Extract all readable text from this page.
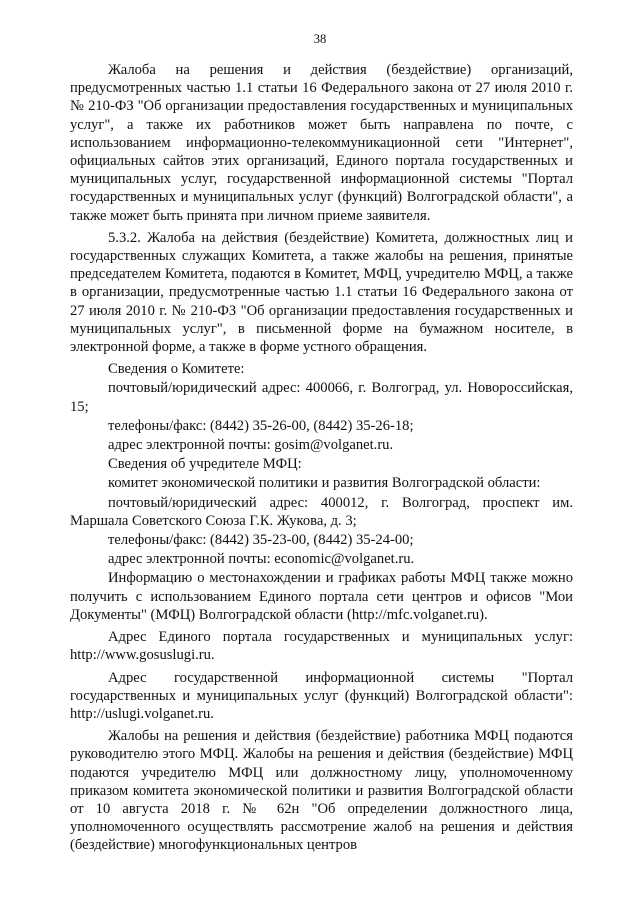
38

Жалоба на решения и действия (бездействие) организаций, предусмотренных частью 1.1 статьи 16 Федерального закона от 27 июля 2010 г. № 210-ФЗ "Об организации предоставления государственных и муниципальных услуг", а также их работников может быть направлена по почте, с использованием информационно-телекоммуникационной сети "Интернет", официальных сайтов этих организаций, Единого портала государственных и муниципальных услуг, государственной информационной системы "Портал государственных и муниципальных услуг (функций) Волгоградской области", а также может быть принята при личном приеме заявителя.

5.3.2. Жалоба на действия (бездействие) Комитета, должностных лиц и государственных служащих Комитета, а также жалобы на решения, принятые председателем Комитета, подаются в Комитет, МФЦ, учредителю МФЦ, а также в организации, предусмотренные частью 1.1 статьи 16 Федерального закона от 27 июля 2010 г. № 210-ФЗ "Об организации предоставления государственных и муниципальных услуг", в письменной форме на бумажном носителе, в электронной форме, а также в форме устного обращения.

Сведения о Комитете:

почтовый/юридический адрес: 400066, г. Волгоград, ул. Новороссийская, 15;

телефоны/факс: (8442) 35-26-00, (8442) 35-26-18;

адрес электронной почты: gosim@volganet.ru.

Сведения об учредителе МФЦ:

комитет экономической политики и развития Волгоградской области:

почтовый/юридический адрес: 400012, г. Волгоград, проспект им. Маршала Советского Союза Г.К. Жукова, д. 3;

телефоны/факс: (8442) 35-23-00, (8442) 35-24-00;

адрес электронной почты: economic@volganet.ru.

Информацию о местонахождении и графиках работы МФЦ также можно получить с использованием Единого портала сети центров и офисов "Мои Документы" (МФЦ) Волгоградской области (http://mfc.volganet.ru).

Адрес Единого портала государственных и муниципальных услуг: http://www.gosuslugi.ru.

Адрес государственной информационной системы "Портал государственных и муниципальных услуг (функций) Волгоградской области": http://uslugi.volganet.ru.

Жалобы на решения и действия (бездействие) работника МФЦ подаются руководителю этого МФЦ. Жалобы на решения и действия (бездействие) МФЦ подаются учредителю МФЦ или должностному лицу, уполномоченному приказом комитета экономической политики и развития Волгоградской области от 10 августа 2018 г. № 62н "Об определении должностного лица, уполномоченного осуществлять рассмотрение жалоб на решения и действия (бездействие) многофункциональных центров
